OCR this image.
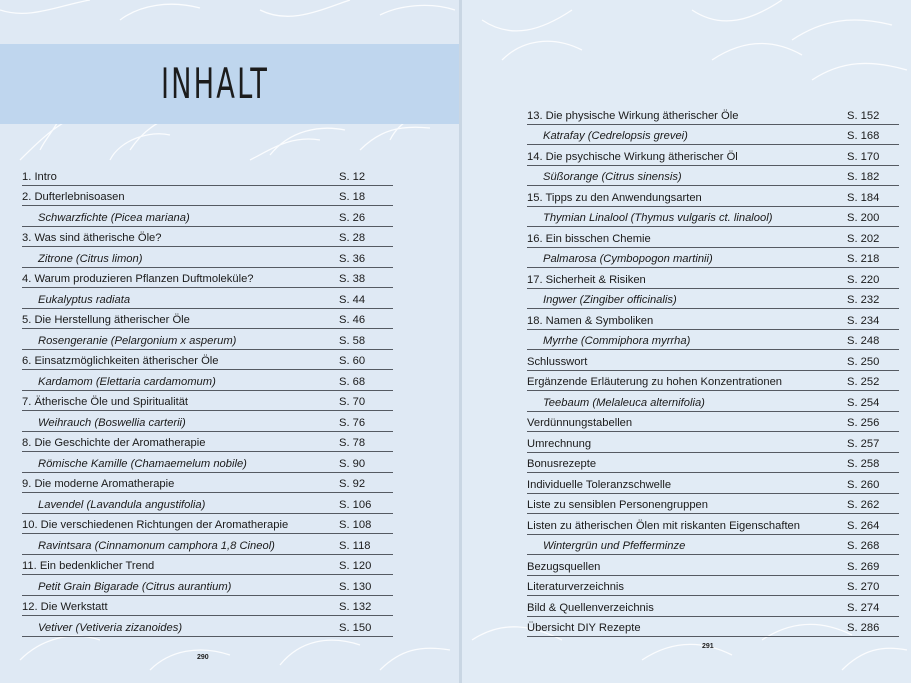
INHALT
1. Intro	S. 12
2. Dufterlebnisoasen	S. 18
Schwarzfichte (Picea mariana)	S. 26
3. Was sind ätherische Öle?	S. 28
Zitrone (Citrus limon)	S. 36
4. Warum produzieren Pflanzen Duftmoleküle?	S. 38
Eukalyptus radiata	S. 44
5. Die Herstellung ätherischer Öle	S. 46
Rosengeranie (Pelargonium x asperum)	S. 58
6. Einsatzmöglichkeiten ätherischer Öle	S. 60
Kardamom (Elettaria cardamomum)	S. 68
7. Ätherische Öle und Spiritualität	S. 70
Weihrauch (Boswellia carterii)	S. 76
8. Die Geschichte der Aromatherapie	S. 78
Römische Kamille (Chamaemelum nobile)	S. 90
9. Die moderne Aromatherapie	S. 92
Lavendel (Lavandula angustifolia)	S. 106
10. Die verschiedenen Richtungen der Aromatherapie	S. 108
Ravintsara (Cinnamonum camphora 1,8 Cineol)	S. 118
11. Ein bedenklicher Trend	S. 120
Petit Grain Bigarade (Citrus aurantium)	S. 130
12. Die Werkstatt	S. 132
Vetiver (Vetiveria zizanoides)	S. 150
290
13. Die physische Wirkung ätherischer Öle	S. 152
Katrafay (Cedrelopsis grevei)	S. 168
14. Die psychische Wirkung ätherischer Öl	S. 170
Süßorange (Citrus sinensis)	S. 182
15. Tipps zu den Anwendungsarten	S. 184
Thymian Linalool (Thymus vulgaris ct. linalool)	S. 200
16. Ein bisschen Chemie	S. 202
Palmarosa (Cymbopogon martinii)	S. 218
17. Sicherheit & Risiken	S. 220
Ingwer (Zingiber officinalis)	S. 232
18. Namen & Symboliken	S. 234
Myrrhe (Commiphora myrrha)	S. 248
Schlusswort	S. 250
Ergänzende Erläuterung zu hohen Konzentrationen	S. 252
Teebaum (Melaleuca alternifolia)	S. 254
Verdünnungstabellen	S. 256
Umrechnung	S. 257
Bonusrezepte	S. 258
Individuelle Toleranzschwelle	S. 260
Liste zu sensiblen Personengruppen	S. 262
Listen zu ätherischen Ölen mit riskanten Eigenschaften	S. 264
Wintergrün und Pfefferminze	S. 268
Bezugsquellen	S. 269
Literaturverzeichnis	S. 270
Bild & Quellenverzeichnis	S. 274
Übersicht DIY Rezepte	S. 286
291
